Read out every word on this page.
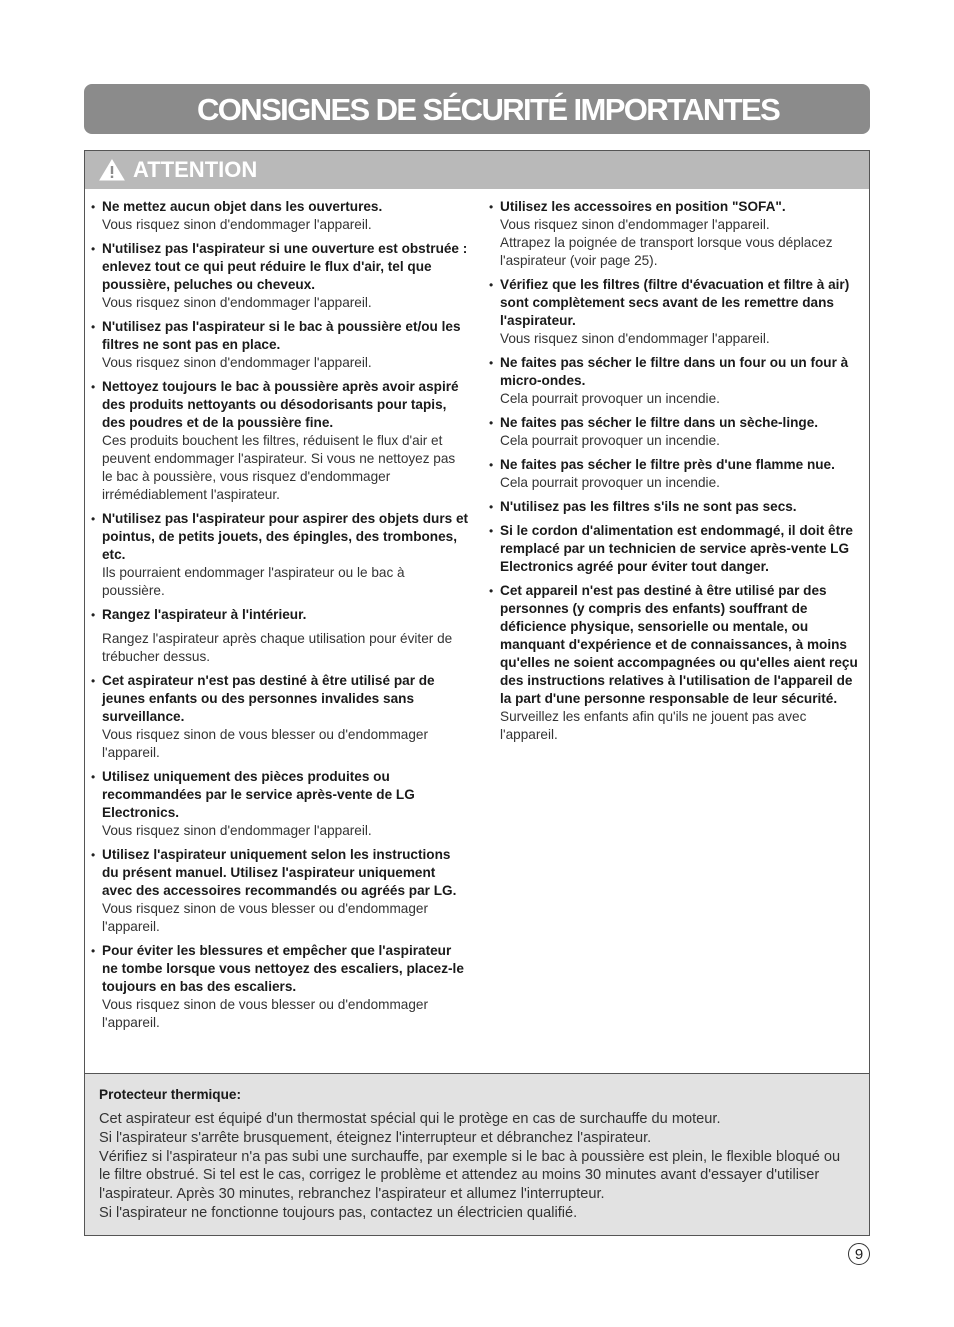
CONSIGNES DE SÉCURITÉ IMPORTANTES
ATTENTION
• Ne mettez aucun objet dans les ouvertures.
Vous risquez sinon d'endommager l'appareil.
• N'utilisez pas l'aspirateur si une ouverture est obstruée : enlevez tout ce qui peut réduire le flux d'air, tel que poussière, peluches ou cheveux.
Vous risquez sinon d'endommager l'appareil.
• N'utilisez pas l'aspirateur si le bac à poussière et/ou les filtres ne sont pas en place.
Vous risquez sinon d'endommager l'appareil.
• Nettoyez toujours le bac à poussière après avoir aspiré des produits nettoyants ou désodorisants pour tapis, des poudres et de la poussière fine.
Ces produits bouchent les filtres, réduisent le flux d'air et peuvent endommager l'aspirateur. Si vous ne nettoyez pas le bac à poussière, vous risquez d'endommager irrémédiablement l'aspirateur.
• N'utilisez pas l'aspirateur pour aspirer des objets durs et pointus, de petits jouets, des épingles, des trombones, etc.
Ils pourraient endommager l'aspirateur ou le bac à poussière.
• Rangez l'aspirateur à l'intérieur.
Rangez l'aspirateur après chaque utilisation pour éviter de trébucher dessus.
• Cet aspirateur n'est pas destiné à être utilisé par de jeunes enfants ou des personnes invalides sans surveillance.
Vous risquez sinon de vous blesser ou d'endommager l'appareil.
• Utilisez uniquement des pièces produites ou recommandées par le service après-vente de LG Electronics.
Vous risquez sinon d'endommager l'appareil.
• Utilisez l'aspirateur uniquement selon les instructions du présent manuel. Utilisez l'aspirateur uniquement avec des accessoires recommandés ou agréés par LG.
Vous risquez sinon de vous blesser ou d'endommager l'appareil.
• Pour éviter les blessures et empêcher que l'aspirateur ne tombe lorsque vous nettoyez des escaliers, placez-le toujours en bas des escaliers.
Vous risquez sinon de vous blesser ou d'endommager l'appareil.
• Utilisez les accessoires en position "SOFA".
Vous risquez sinon d'endommager l'appareil.
Attrapez la poignée de transport lorsque vous déplacez l'aspirateur (voir page 25).
• Vérifiez que les filtres (filtre d'évacuation et filtre à air) sont complètement secs avant de les remettre dans l'aspirateur.
Vous risquez sinon d'endommager l'appareil.
• Ne faites pas sécher le filtre dans un four ou un four à micro-ondes.
Cela pourrait provoquer un incendie.
• Ne faites pas sécher le filtre dans un sèche-linge.
Cela pourrait provoquer un incendie.
• Ne faites pas sécher le filtre près d'une flamme nue.
Cela pourrait provoquer un incendie.
• N'utilisez pas les filtres s'ils ne sont pas secs.
• Si le cordon d'alimentation est endommagé, il doit être remplacé par un technicien de service après-vente LG Electronics agréé pour éviter tout danger.
• Cet appareil n'est pas destiné à être utilisé par des personnes (y compris des enfants) souffrant de déficience physique, sensorielle ou mentale, ou manquant d'expérience et de connaissances, à moins qu'elles ne soient accompagnées ou qu'elles aient reçu des instructions relatives à l'utilisation de l'appareil de la part d'une personne responsable de leur sécurité.
Surveillez les enfants afin qu'ils ne jouent pas avec l'appareil.
Protecteur thermique:
Cet aspirateur est équipé d'un thermostat spécial qui le protège en cas de surchauffe du moteur.
Si l'aspirateur s'arrête brusquement, éteignez l'interrupteur et débranchez l'aspirateur.
Vérifiez si l'aspirateur n'a pas subi une surchauffe, par exemple si le bac à poussière est plein, le flexible bloqué ou le filtre obstrué. Si tel est le cas, corrigez le problème et attendez au moins 30 minutes avant d'essayer d'utiliser l'aspirateur. Après 30 minutes, rebranchez l'aspirateur et allumez l'interrupteur.
Si l'aspirateur ne fonctionne toujours pas, contactez un électricien qualifié.
9
